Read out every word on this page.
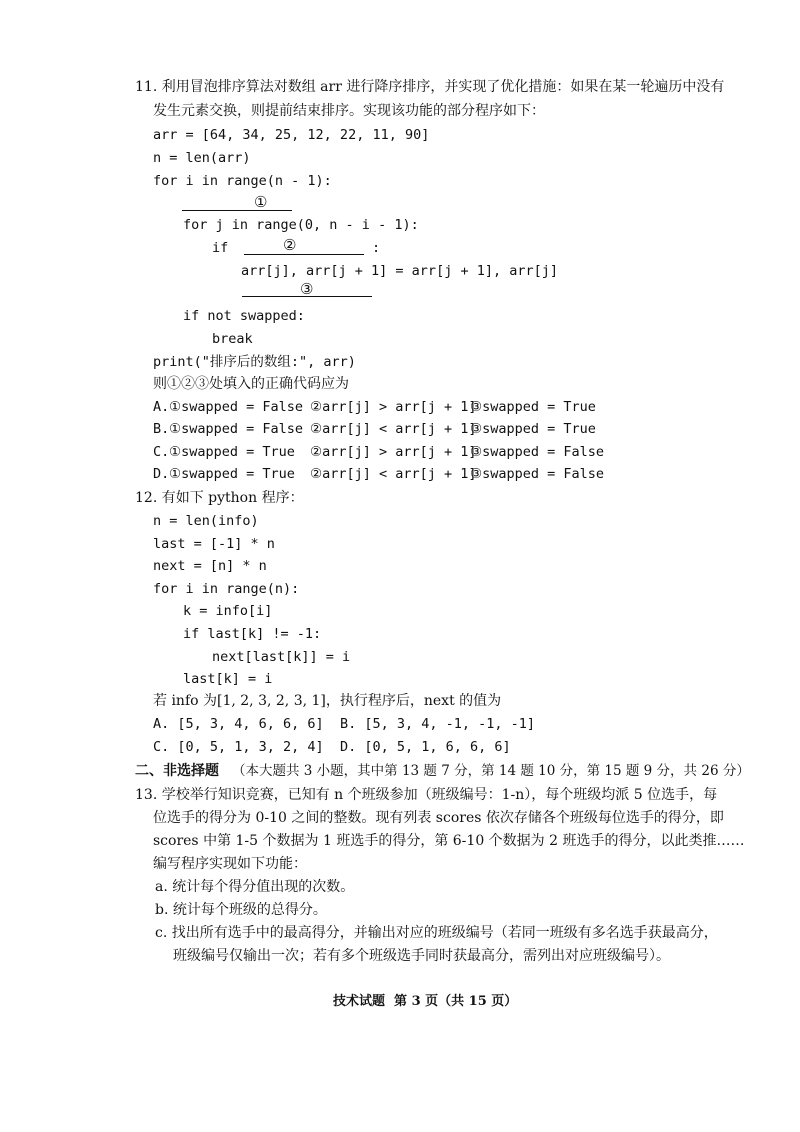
11. 利用冒泡排序算法对数组 arr 进行降序排序，并实现了优化措施：如果在某一轮遍历中没有
发生元素交换，则提前结束排序。实现该功能的部分程序如下：
arr = [64, 34, 25, 12, 22, 11, 90]
n = len(arr)
for i in range(n - 1):
①
for j in range(0, n - i - 1):
if	②	:
arr[j], arr[j + 1] = arr[j + 1], arr[j]
③
if not swapped:
break
print("排序后的数组:", arr)
则①②③处填入的正确代码应为
A. ①swapped = False ②arr[j] > arr[j + 1]
③swapped = True
B. ①swapped = False ②arr[j] < arr[j + 1]
③swapped = True
C. ①swapped = True ②arr[j] > arr[j + 1]
③swapped = False
D. ①swapped = True ②arr[j] < arr[j + 1]
③swapped = False
12. 有如下 python 程序：
n = len(info)
last = [-1] * n
next = [n] * n
for i in range(n):
k = info[i]
if last[k] != -1:
next[last[k]] = i
last[k] = i
若 info 为[1, 2, 3, 2, 3, 1]，执行程序后，next 的值为
A. [5, 3, 4, 6, 6, 6] B. [5, 3, 4, -1, -1, -1]
C. [0, 5, 1, 3, 2, 4] D. [0, 5, 1, 6, 6, 6]
二、非选择题 （本大题共 3 小题，其中第 13 题 7 分，第 14 题 10 分，第 15 题 9 分，共 26 分）
13. 学校举行知识竞赛，已知有 n 个班级参加（班级编号：1-n），每个班级均派 5 位选手，每
位选手的得分为 0-10 之间的整数。现有列表 scores 依次存储各个班级每位选手的得分，即
scores 中第 1-5 个数据为 1 班选手的得分，第 6-10 个数据为 2 班选手的得分，以此类推……
编写程序实现如下功能：
a. 统计每个得分值出现的次数。
b. 统计每个班级的总得分。
c. 找出所有选手中的最高得分，并输出对应的班级编号（若同一班级有多名选手获最高分，
班级编号仅输出一次；若有多个班级选手同时获最高分，需列出对应班级编号）。
技术试题  第 3 页（共 15 页）
